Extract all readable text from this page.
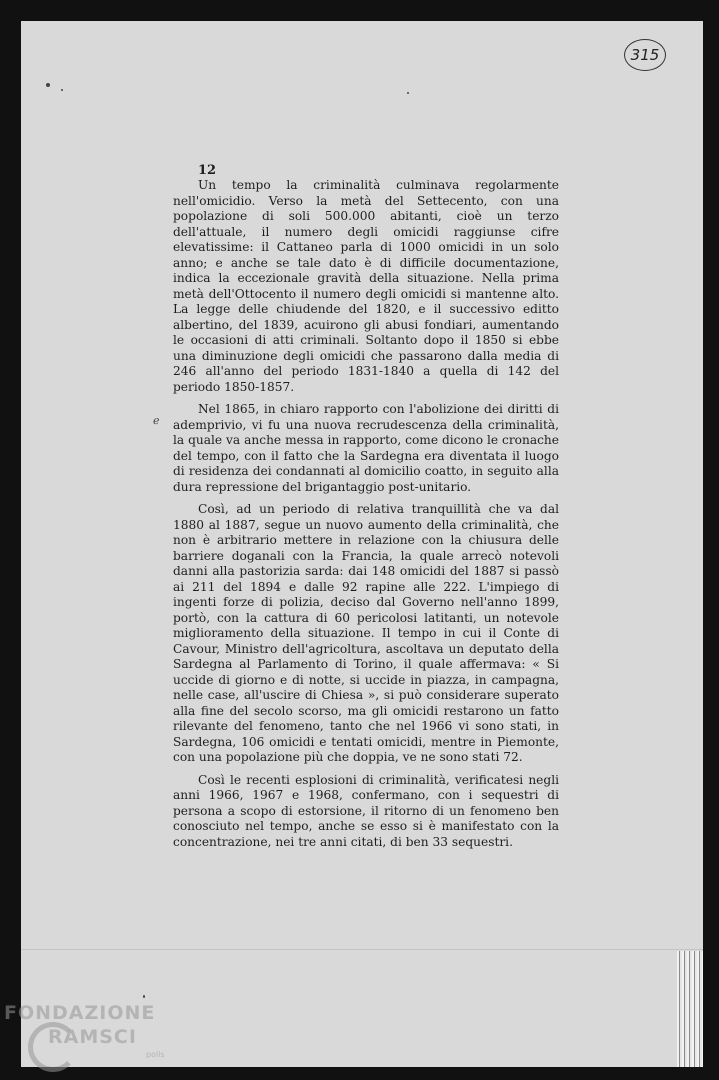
315
ℯ
12

Un tempo la criminalità culminava regolarmente nell'omicidio. Verso la metà del Settecento, con una popolazione di soli 500.000 abitanti, cioè un terzo dell'attuale, il numero degli omicidi raggiunse cifre elevatissime: il Cattaneo parla di 1000 omicidi in un solo anno; e anche se tale dato è di difficile documentazione, indica la eccezionale gravità della situazione. Nella prima metà dell'Ottocento il numero degli omicidi si mantenne alto. La legge delle chiudende del 1820, e il successivo editto albertino, del 1839, acuirono gli abusi fondiari, aumentando le occasioni di atti criminali. Soltanto dopo il 1850 si ebbe una diminuzione degli omicidi che passarono dalla media di 246 all'anno del periodo 1831-1840 a quella di 142 del periodo 1850-1857.

Nel 1865, in chiaro rapporto con l'abolizione dei diritti di ademprivio, vi fu una nuova recrudescenza della criminalità, la quale va anche messa in rapporto, come dicono le cronache del tempo, con il fatto che la Sardegna era diventata il luogo di residenza dei condannati al domicilio coatto, in seguito alla dura repressione del brigantaggio post-unitario.

Così, ad un periodo di relativa tranquillità che va dal 1880 al 1887, segue un nuovo aumento della criminalità, che non è arbitrario mettere in relazione con la chiusura delle barriere doganali con la Francia, la quale arrecò notevoli danni alla pastorizia sarda: dai 148 omicidi del 1887 si passò ai 211 del 1894 e dalle 92 rapine alle 222. L'impiego di ingenti forze di polizia, deciso dal Governo nell'anno 1899, portò, con la cattura di 60 pericolosi latitanti, un notevole miglioramento della situazione. Il tempo in cui il Conte di Cavour, Ministro dell'agricoltura, ascoltava un deputato della Sardegna al Parlamento di Torino, il quale affermava: « Si uccide di giorno e di notte, si uccide in piazza, in campagna, nelle case, all'uscire di Chiesa », si può considerare superato alla fine del secolo scorso, ma gli omicidi restarono un fatto rilevante del fenomeno, tanto che nel 1966 vi sono stati, in Sardegna, 106 omicidi e tentati omicidi, mentre in Piemonte, con una popolazione più che doppia, ve ne sono stati 72.

Così le recenti esplosioni di criminalità, verificatesi negli anni 1966, 1967 e 1968, confermano, con i sequestri di persona a scopo di estorsione, il ritorno di un fenomeno ben conosciuto nel tempo, anche se esso si è manifestato con la concentrazione, nei tre anni citati, di ben 33 sequestri.

FONDAZIONE
RAMSCI
polis
